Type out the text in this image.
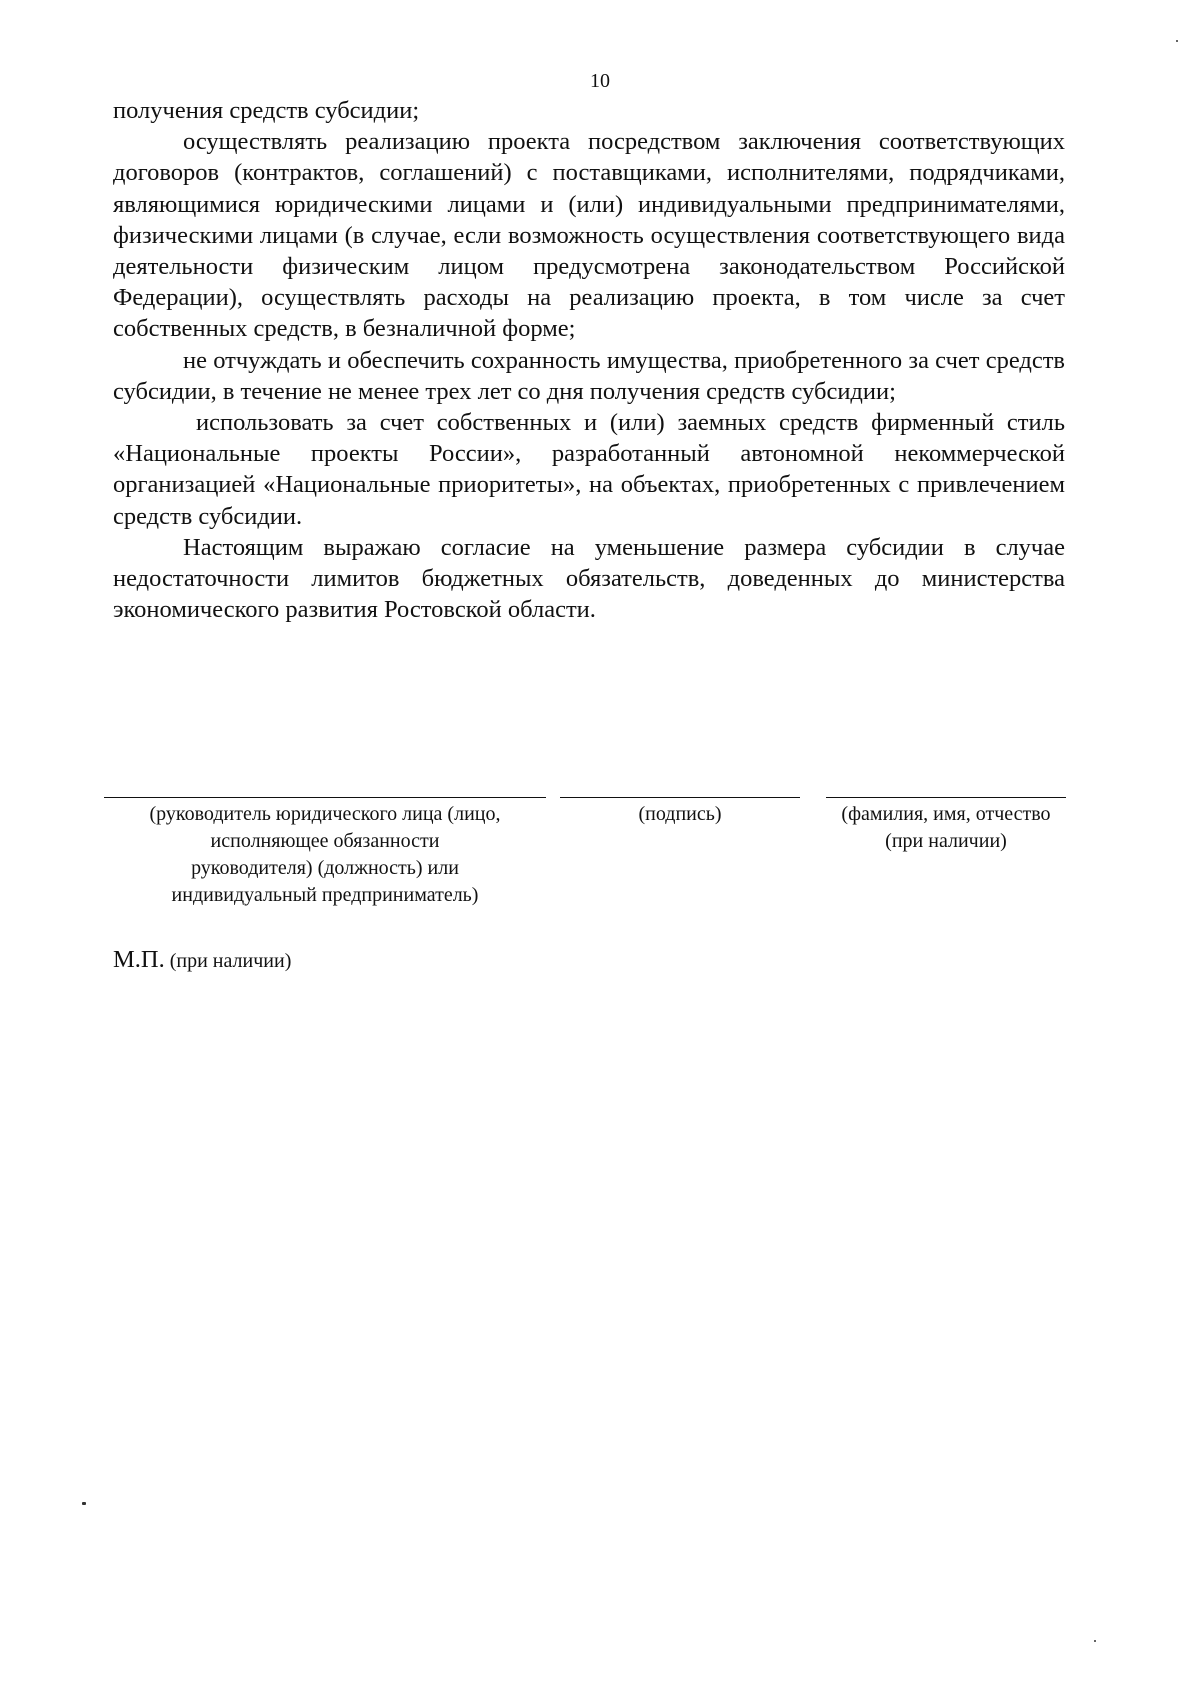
10

получения средств субсидии;

осуществлять реализацию проекта посредством заключения соответствующих договоров (контрактов, соглашений) с поставщиками, исполнителями, подрядчиками, являющимися юридическими лицами и (или) индивидуальными предпринимателями, физическими лицами (в случае, если возможность осуществления соответствующего вида деятельности физическим лицом предусмотрена законодательством Российской Федерации), осуществлять расходы на реализацию проекта, в том числе за счет собственных средств, в безналичной форме;

не отчуждать и обеспечить сохранность имущества, приобретенного за счет средств субсидии, в течение не менее трех лет со дня получения средств субсидии;

использовать за счет собственных и (или) заемных средств фирменный стиль «Национальные проекты России», разработанный автономной некоммерческой организацией «Национальные приоритеты», на объектах, приобретенных с привлечением средств субсидии.

Настоящим выражаю согласие на уменьшение размера субсидии в случае недостаточности лимитов бюджетных обязательств, доведенных до министерства экономического развития Ростовской области.

(руководитель юридического лица (лицо,
исполняющее обязанности
руководителя) (должность) или
индивидуальный предприниматель)
(подпись)	(фамилия, имя, отчество
(при наличии)
М.П. (при наличии)
